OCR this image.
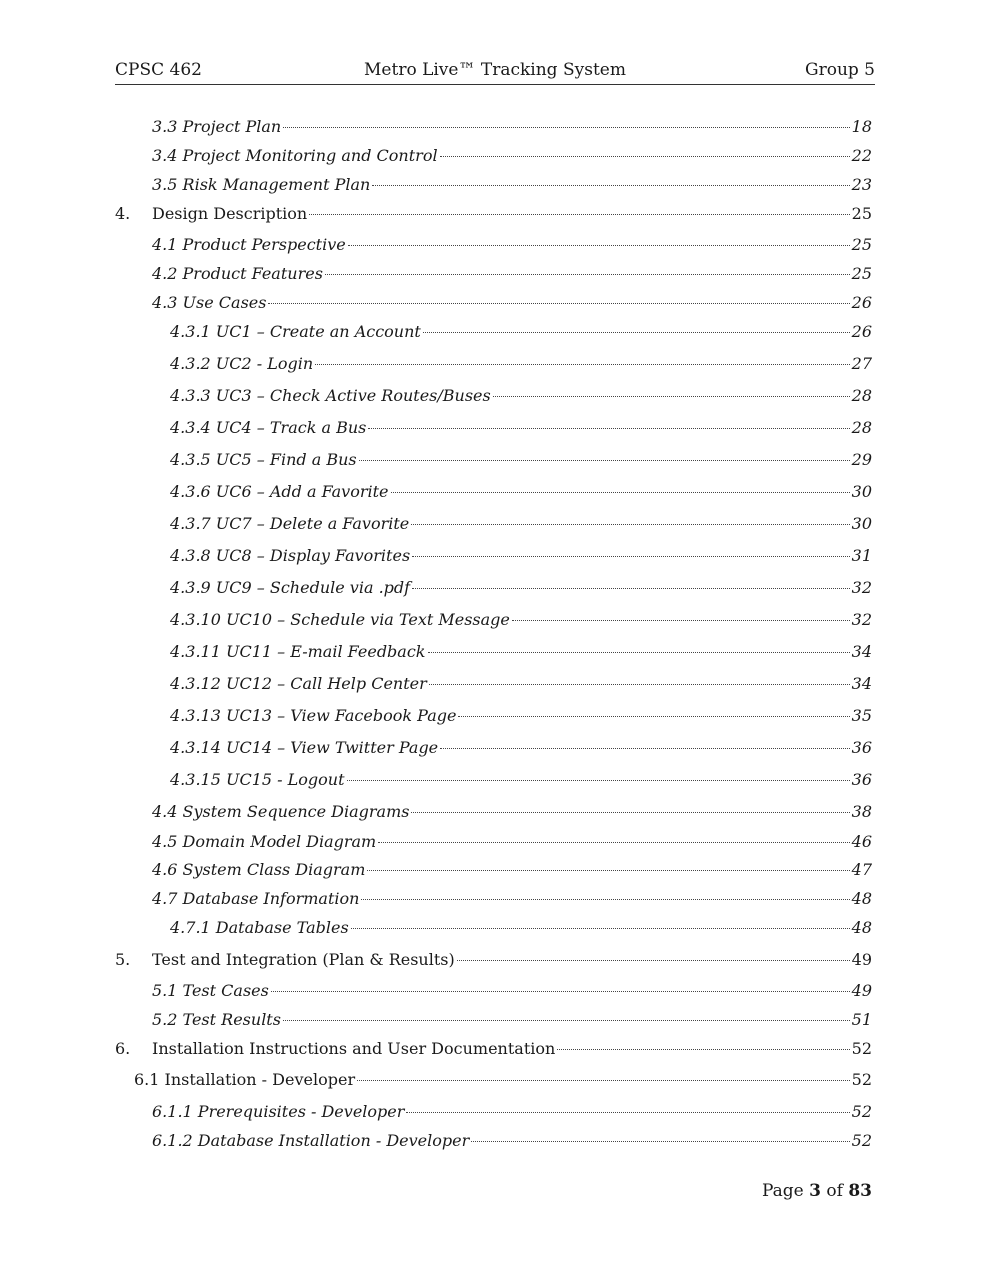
CPSC 462	Metro Live™ Tracking System	Group 5
3.3 Project Plan	18
3.4 Project Monitoring and Control	22
3.5 Risk Management Plan	23
4.	Design Description	25
4.1 Product Perspective	25
4.2 Product Features	25
4.3 Use Cases	26
4.3.1 UC1 – Create an Account	26
4.3.2 UC2 - Login	27
4.3.3 UC3 – Check Active Routes/Buses	28
4.3.4 UC4 – Track a Bus	28
4.3.5 UC5 – Find a Bus	29
4.3.6 UC6 – Add a Favorite	30
4.3.7 UC7 – Delete a Favorite	30
4.3.8 UC8 – Display Favorites	31
4.3.9 UC9 – Schedule via .pdf	32
4.3.10 UC10 – Schedule via Text Message	32
4.3.11 UC11 – E-mail Feedback	34
4.3.12 UC12 – Call Help Center	34
4.3.13 UC13 – View Facebook Page	35
4.3.14 UC14 – View Twitter Page	36
4.3.15 UC15 - Logout	36
4.4 System Sequence Diagrams	38
4.5 Domain Model Diagram	46
4.6 System Class Diagram	47
4.7 Database Information	48
4.7.1 Database Tables	48
5.	Test and Integration (Plan & Results)	49
5.1 Test Cases	49
5.2 Test Results	51
6.	Installation Instructions and User Documentation	52
6.1 Installation - Developer	52
6.1.1 Prerequisites - Developer	52
6.1.2 Database Installation - Developer	52
Page 3 of 83
